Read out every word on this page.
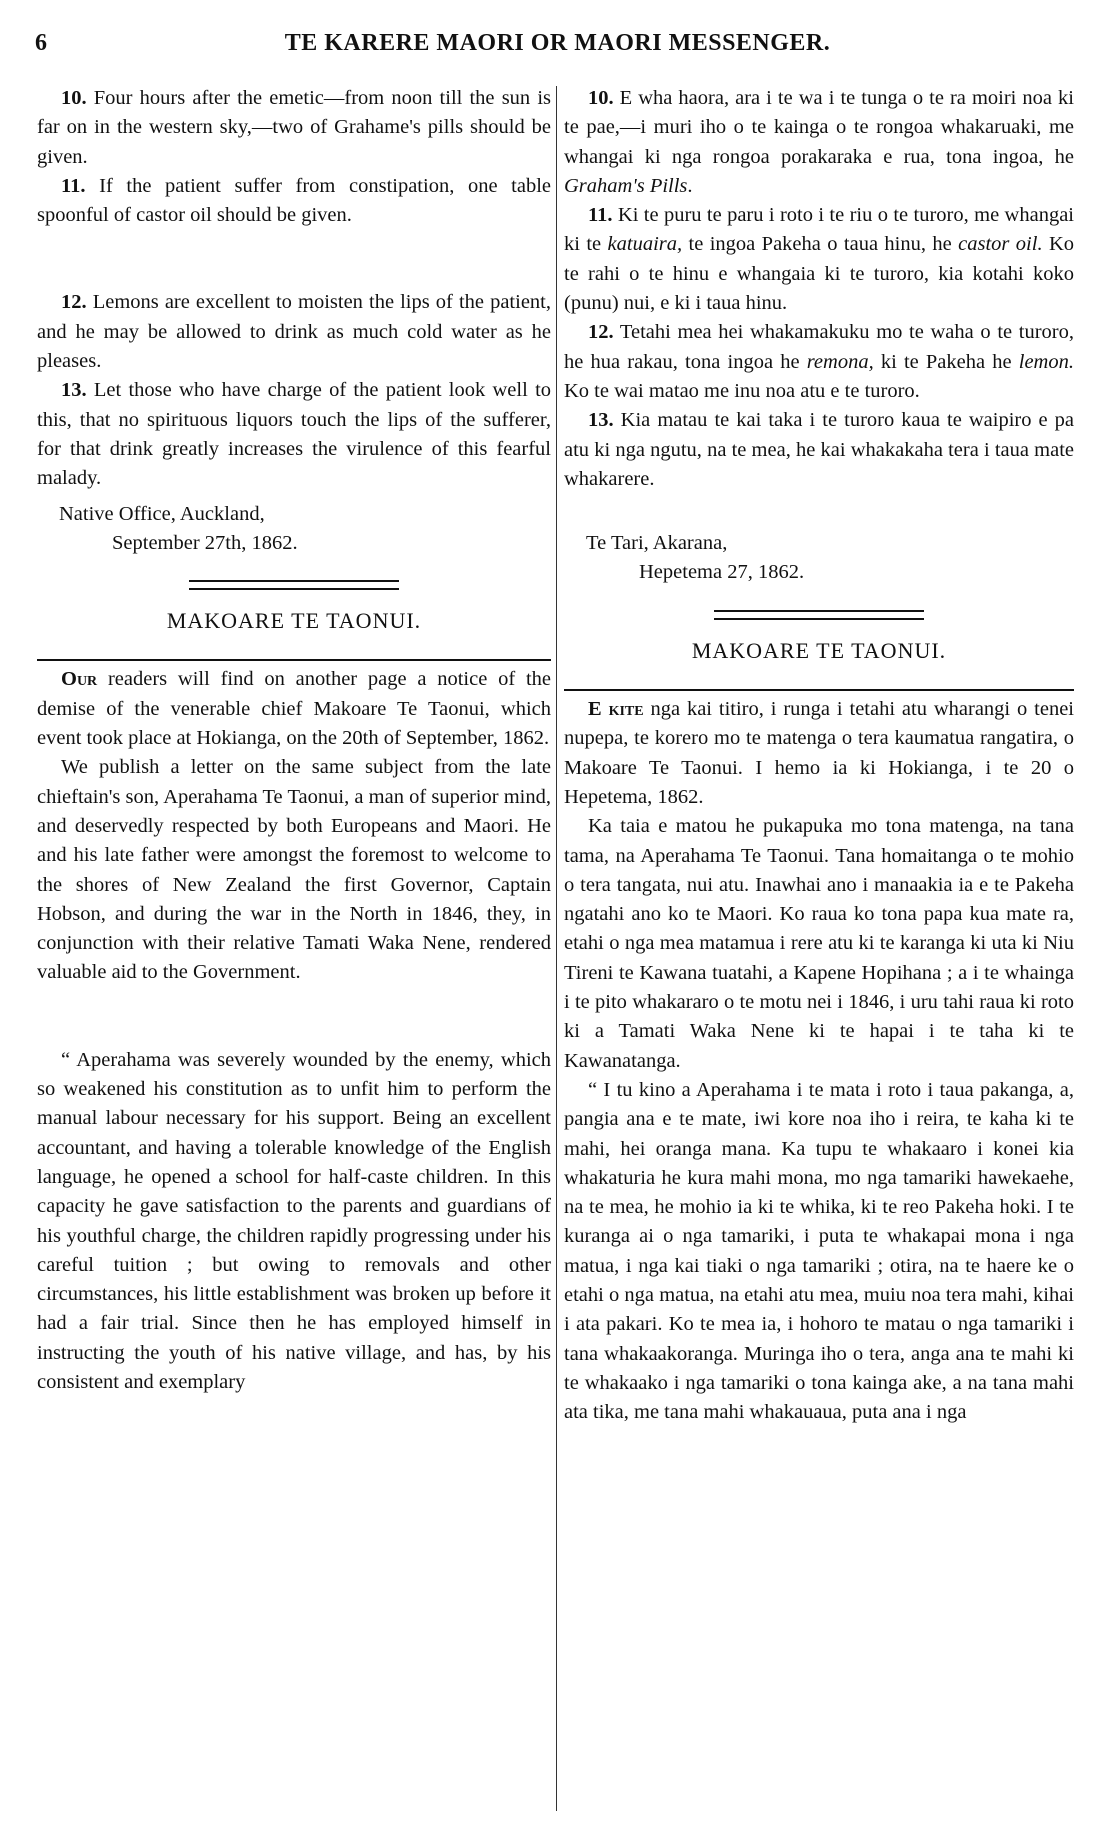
6	TE KARERE MAORI OR MAORI MESSENGER.

10. Four hours after the emetic—from noon till the sun is far on in the western sky,—two of Grahame's pills should be given.

11. If the patient suffer from constipation, one table spoonful of castor oil should be given.

12. Lemons are excellent to moisten the lips of the patient, and he may be allowed to drink as much cold water as he pleases.

13. Let those who have charge of the patient look well to this, that no spirituous liquors touch the lips of the sufferer, for that drink greatly increases the virulence of this fearful malady.

Native Office, Auckland,

September 27th, 1862.

MAKOARE TE TAONUI.

Our readers will find on another page a notice of the demise of the venerable chief Makoare Te Taonui, which event took place at Hokianga, on the 20th of September, 1862.

We publish a letter on the same subject from the late chieftain's son, Aperahama Te Taonui, a man of superior mind, and deservedly respected by both Europeans and Maori. He and his late father were amongst the foremost to welcome to the shores of New Zealand the first Governor, Captain Hobson, and during the war in the North in 1846, they, in conjunction with their relative Tamati Waka Nene, rendered valuable aid to the Government.

“ Aperahama was severely wounded by the enemy, which so weakened his constitution as to unfit him to perform the manual labour necessary for his support. Being an excellent accountant, and having a tolerable knowledge of the English language, he opened a school for half-caste children. In this capacity he gave satisfaction to the parents and guardians of his youthful charge, the children rapidly progressing under his careful tuition ; but owing to removals and other circumstances, his little establishment was broken up before it had a fair trial. Since then he has employed himself in instructing the youth of his native village, and has, by his consistent and exemplary

10. E wha haora, ara i te wa i te tunga o te ra moiri noa ki te pae,—i muri iho o te kainga o te rongoa whakaruaki, me whangai ki nga rongoa porakaraka e rua, tona ingoa, he Graham's Pills.

11. Ki te puru te paru i roto i te riu o te turoro, me whangai ki te katuaira, te ingoa Pakeha o taua hinu, he castor oil. Ko te rahi o te hinu e whangaia ki te turoro, kia kotahi koko (punu) nui, e ki i taua hinu.

12. Tetahi mea hei whakamakuku mo te waha o te turoro, he hua rakau, tona ingoa he remona, ki te Pakeha he lemon. Ko te wai matao me inu noa atu e te turoro.

13. Kia matau te kai taka i te turoro kaua te waipiro e pa atu ki nga ngutu, na te mea, he kai whakakaha tera i taua mate whakarere.

Te Tari, Akarana,

Hepetema 27, 1862.

MAKOARE TE TAONUI.

E kite nga kai titiro, i runga i tetahi atu wharangi o tenei nupepa, te korero mo te matenga o tera kaumatua rangatira, o Makoare Te Taonui. I hemo ia ki Hokianga, i te 20 o Hepetema, 1862.

Ka taia e matou he pukapuka mo tona matenga, na tana tama, na Aperahama Te Taonui. Tana homaitanga o te mohio o tera tangata, nui atu. Inawhai ano i manaakia ia e te Pakeha ngatahi ano ko te Maori. Ko raua ko tona papa kua mate ra, etahi o nga mea matamua i rere atu ki te karanga ki uta ki Niu Tireni te Kawana tuatahi, a Kapene Hopihana ; a i te whainga i te pito whakararo o te motu nei i 1846, i uru tahi raua ki roto ki a Tamati Waka Nene ki te hapai i te taha ki te Kawanatanga.

“ I tu kino a Aperahama i te mata i roto i taua pakanga, a, pangia ana e te mate, iwi kore noa iho i reira, te kaha ki te mahi, hei oranga mana. Ka tupu te whakaaro i konei kia whakaturia he kura mahi mona, mo nga tamariki hawekaehe, na te mea, he mohio ia ki te whika, ki te reo Pakeha hoki. I te kuranga ai o nga tamariki, i puta te whakapai mona i nga matua, i nga kai tiaki o nga tamariki ; otira, na te haere ke o etahi o nga matua, na etahi atu mea, muiu noa tera mahi, kihai i ata pakari. Ko te mea ia, i hohoro te matau o nga tamariki i tana whakaakoranga. Muringa iho o tera, anga ana te mahi ki te whakaako i nga tamariki o tona kainga ake, a na tana mahi ata tika, me tana mahi whakauaua, puta ana i nga
